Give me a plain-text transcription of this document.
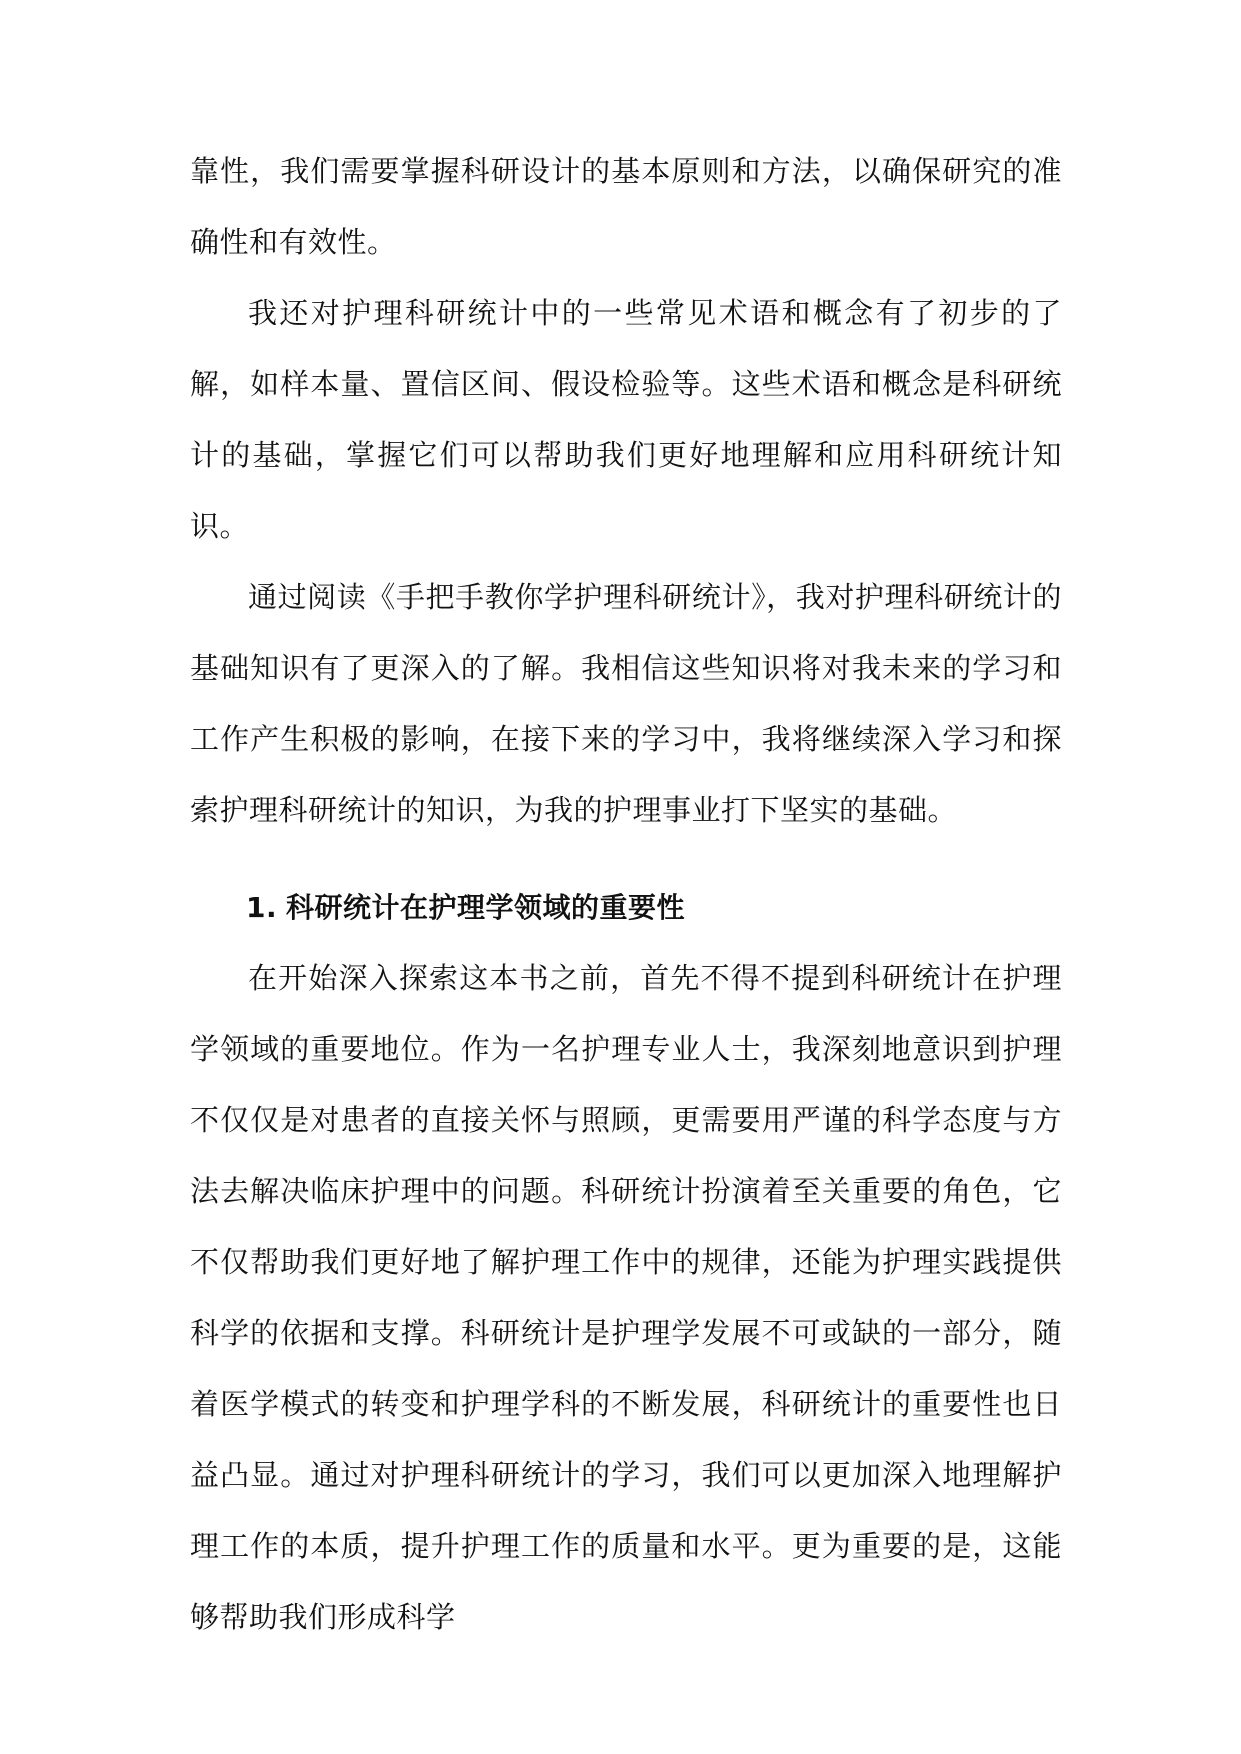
靠性，我们需要掌握科研设计的基本原则和方法，以确保研究的准确性和有效性。

我还对护理科研统计中的一些常见术语和概念有了初步的了解，如样本量、置信区间、假设检验等。这些术语和概念是科研统计的基础，掌握它们可以帮助我们更好地理解和应用科研统计知识。

通过阅读《手把手教你学护理科研统计》，我对护理科研统计的基础知识有了更深入的了解。我相信这些知识将对我未来的学习和工作产生积极的影响，在接下来的学习中，我将继续深入学习和探索护理科研统计的知识，为我的护理事业打下坚实的基础。

1. 科研统计在护理学领域的重要性

在开始深入探索这本书之前，首先不得不提到科研统计在护理学领域的重要地位。作为一名护理专业人士，我深刻地意识到护理不仅仅是对患者的直接关怀与照顾，更需要用严谨的科学态度与方法去解决临床护理中的问题。科研统计扮演着至关重要的角色，它不仅帮助我们更好地了解护理工作中的规律，还能为护理实践提供科学的依据和支撑。科研统计是护理学发展不可或缺的一部分，随着医学模式的转变和护理学科的不断发展，科研统计的重要性也日益凸显。通过对护理科研统计的学习，我们可以更加深入地理解护理工作的本质，提升护理工作的质量和水平。更为重要的是，这能够帮助我们形成科学
